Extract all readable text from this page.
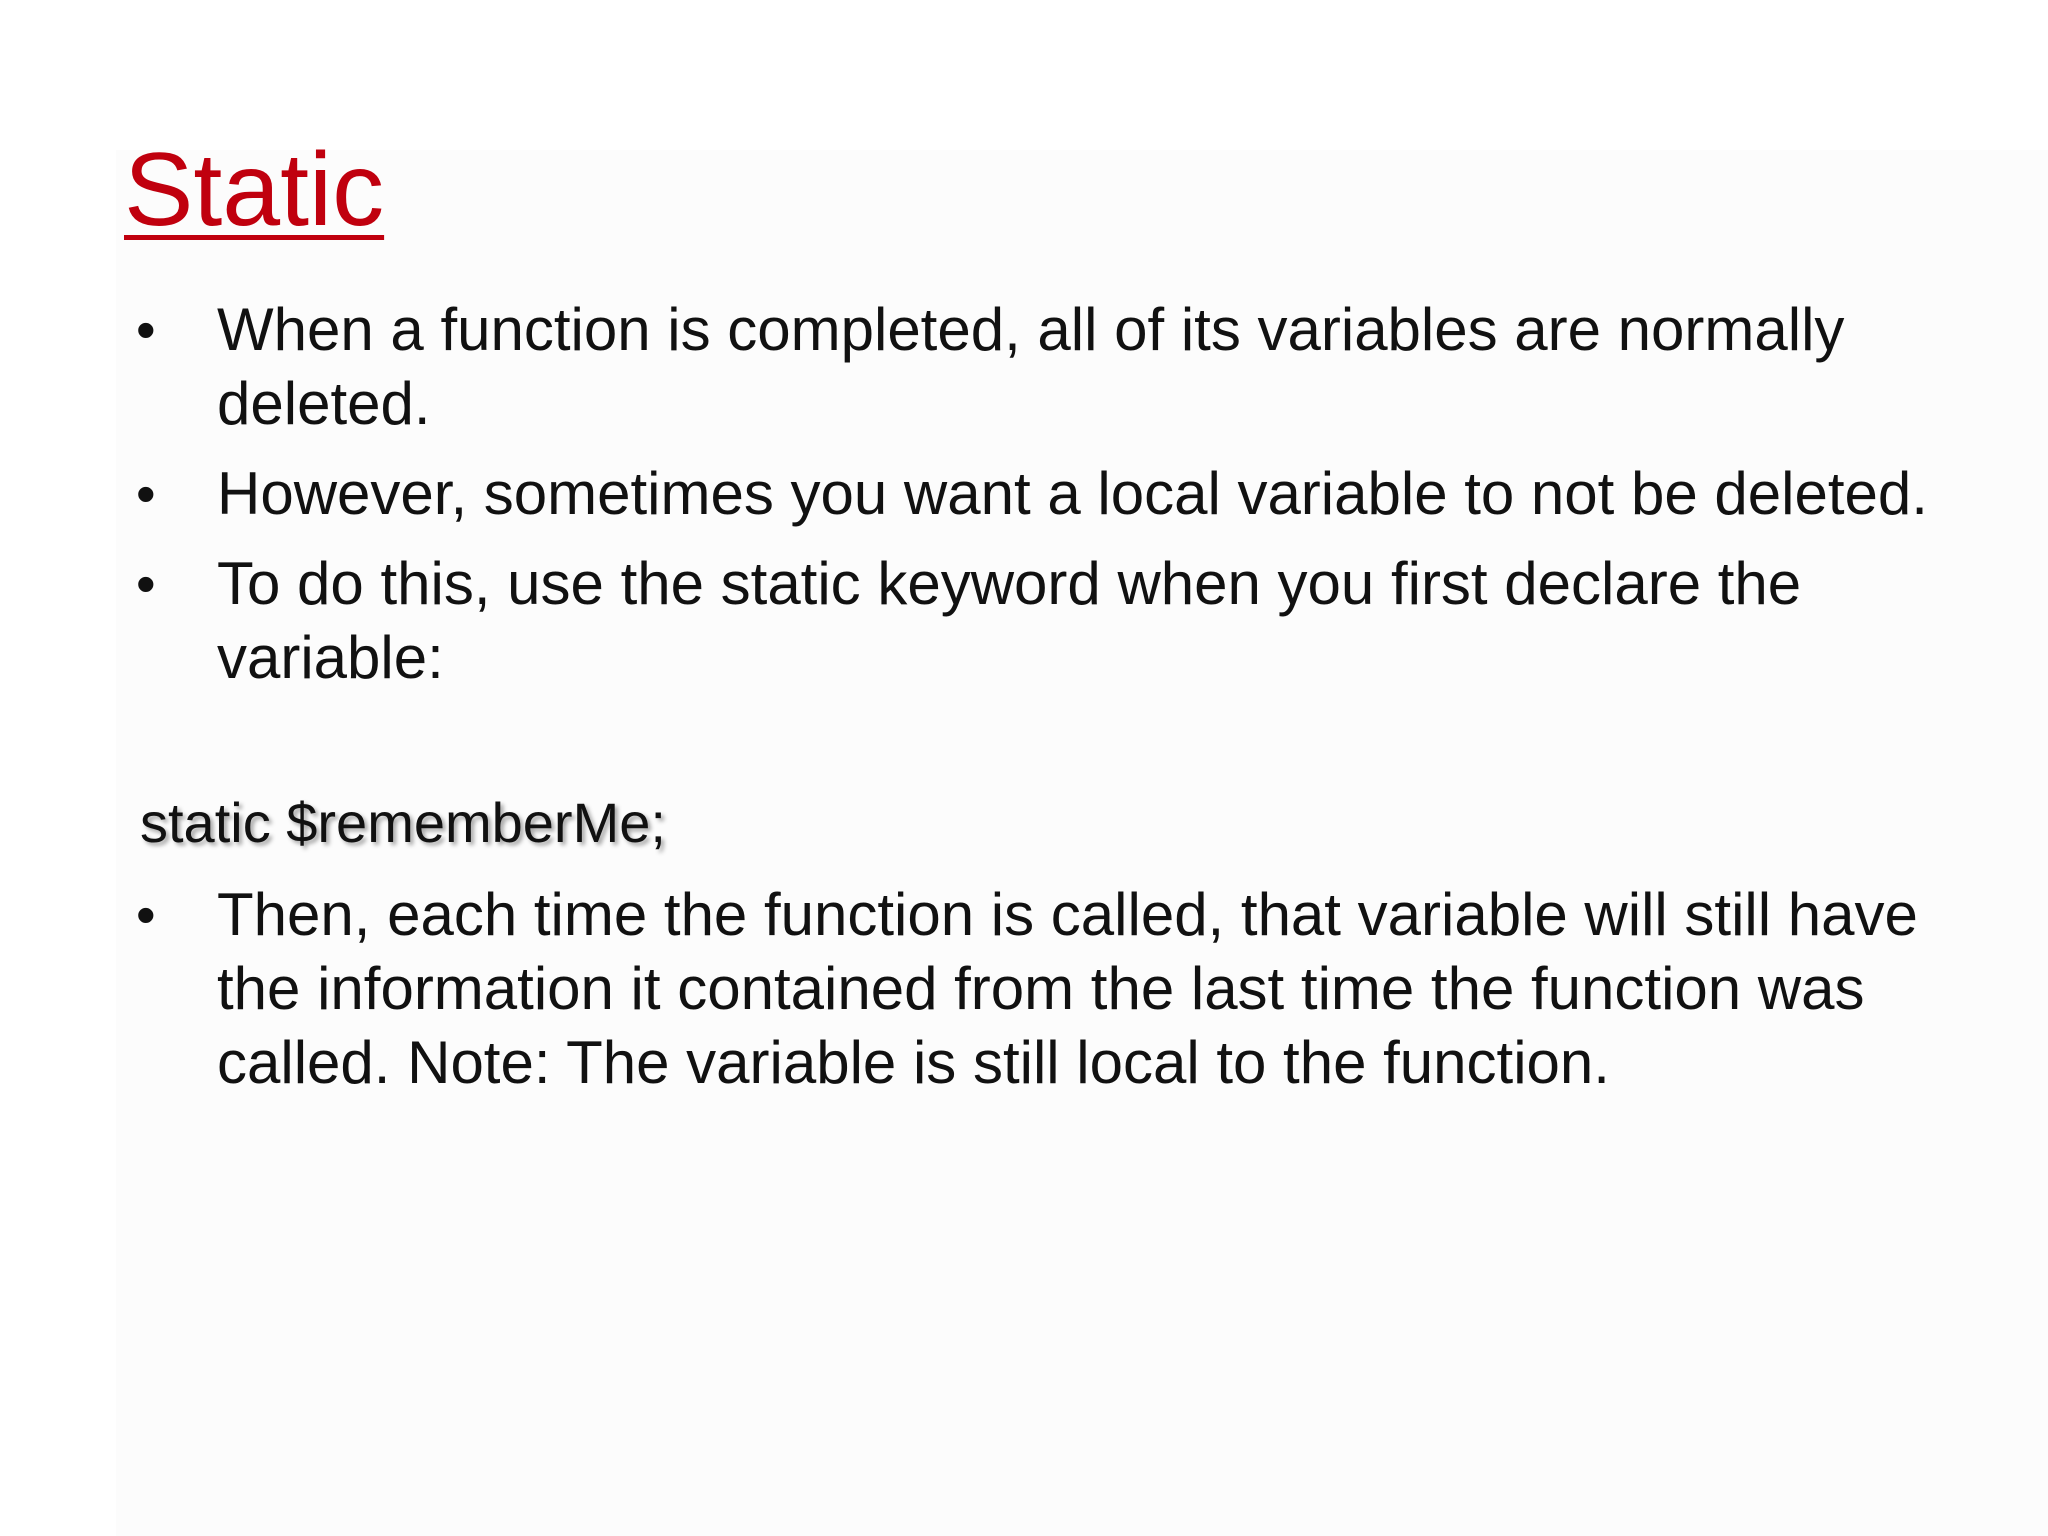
Static
•	When a function is completed, all of its variables are normally deleted.
•	However, sometimes you want a local variable to not be deleted.
•	To do this, use the static keyword when you first declare the variable:

static $rememberMe;

•	Then, each time the function is called, that variable will still have the information it contained from the last time the function was called. Note: The variable is still local to the function.
